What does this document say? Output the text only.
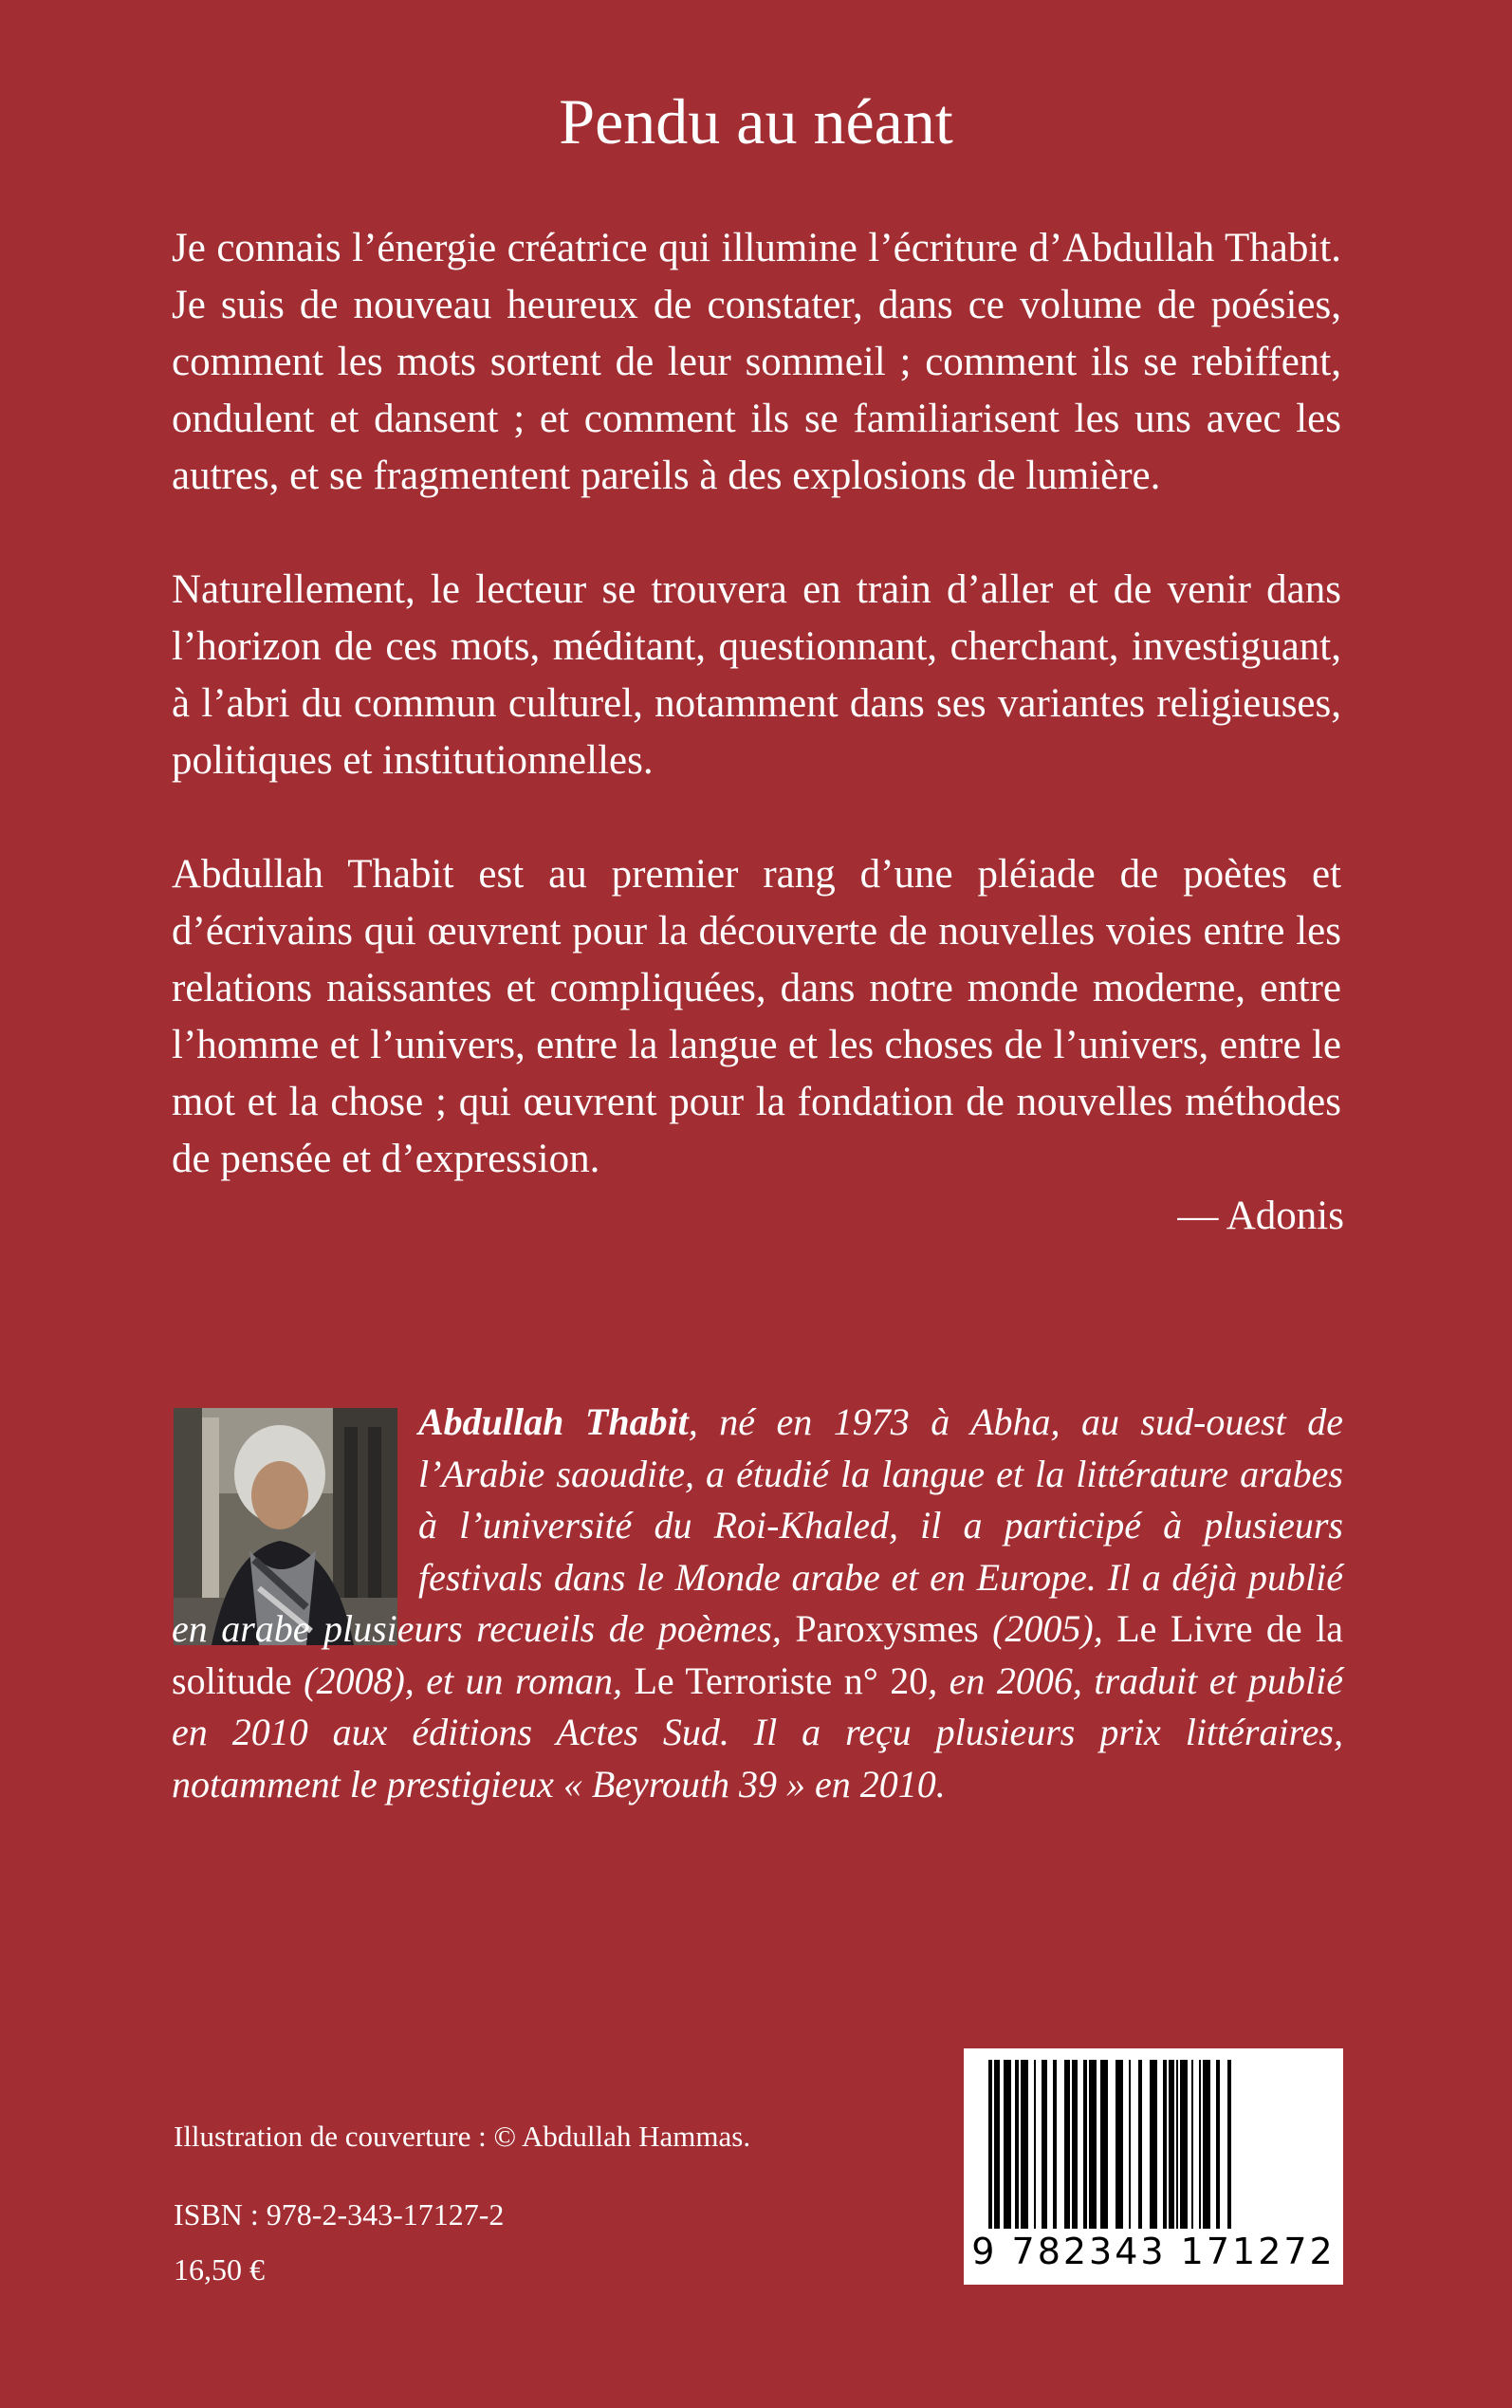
Pendu au néant

Je connais l’énergie créatrice qui illumine l’écriture d’Abdullah Thabit. Je suis de nouveau heureux de constater, dans ce volume de poésies, comment les mots sortent de leur sommeil ; comment ils se rebiffent, ondulent et dansent ; et comment ils se familiarisent les uns avec les autres, et se fragmentent pareils à des explosions de lumière.

Naturellement, le lecteur se trouvera en train d’aller et de venir dans l’horizon de ces mots, méditant, questionnant, cherchant, investiguant, à l’abri du commun culturel, notamment dans ses variantes religieuses, politiques et institutionnelles.

Abdullah Thabit est au premier rang d’une pléiade de poètes et d’écrivains qui œuvrent pour la découverte de nouvelles voies entre les relations naissantes et compliquées, dans notre monde moderne, entre l’homme et l’univers, entre la langue et les choses de l’univers, entre le mot et la chose ; qui œuvrent pour la fondation de nouvelles méthodes de pensée et d’expression.

— Adonis

Abdullah Thabit, né en 1973 à Abha, au sud-ouest de l’Arabie saoudite, a étudié la langue et la littérature arabes à l’université du Roi-Khaled, il a participé à plusieurs festivals dans le Monde arabe et en Europe. Il a déjà publié en arabe plusieurs recueils de poèmes, Paroxysmes (2005), Le Livre de la solitude (2008), et un roman, Le Terroriste n° 20, en 2006, traduit et publié en 2010 aux éditions Actes Sud. Il a reçu plusieurs prix littéraires, notamment le prestigieux « Beyrouth 39 » en 2010.

Illustration de couverture : © Abdullah Hammas.
ISBN : 978-2-343-17127-2
16,50 €	9 782343 171272
